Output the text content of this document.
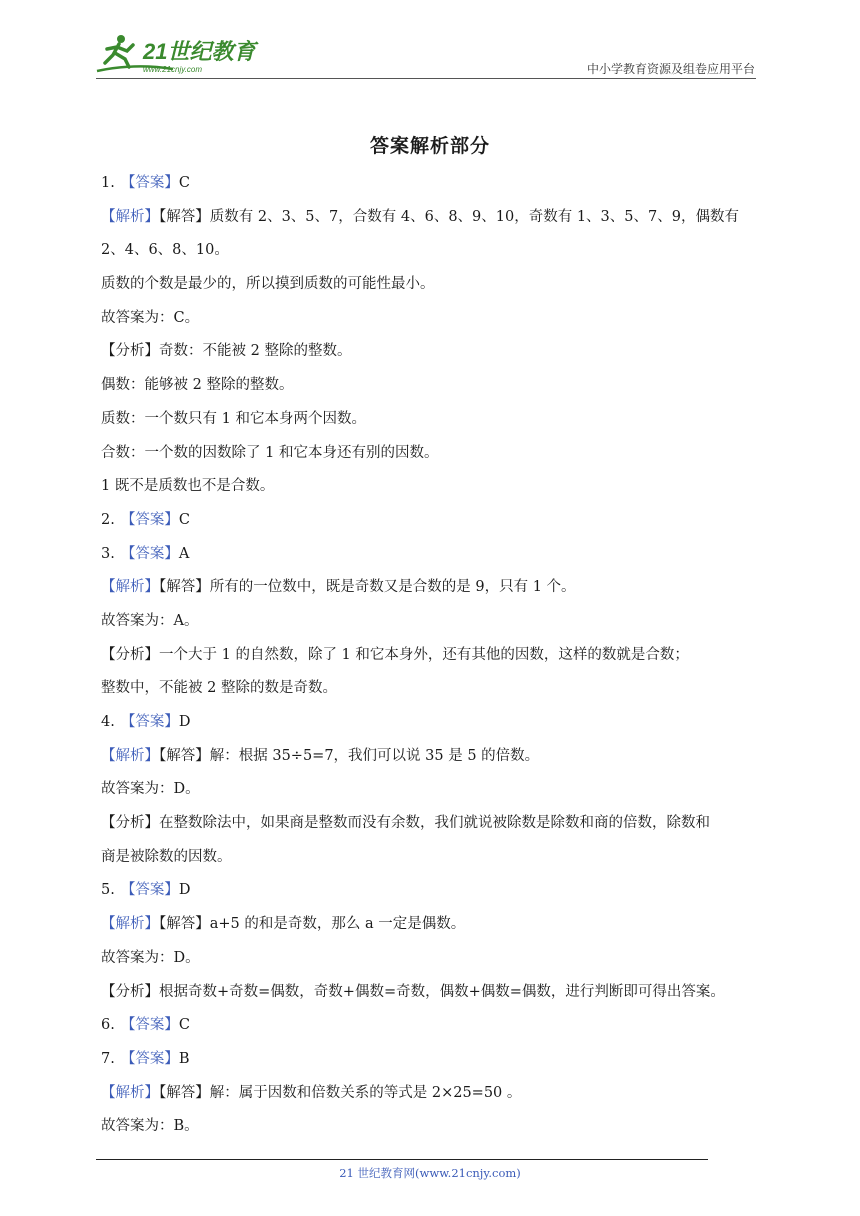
21世纪教育
www.21cnjy.com	中小学教育资源及组卷应用平台
答案解析部分
1. 【答案】C
【解析】【解答】质数有 2、3、5、7，合数有 4、6、8、9、10，奇数有 1、3、5、7、9，偶数有
2、4、6、8、10。
质数的个数是最少的，所以摸到质数的可能性最小。
故答案为：C。
【分析】奇数：不能被 2 整除的整数。
偶数：能够被 2 整除的整数。
质数：一个数只有 1 和它本身两个因数。
合数：一个数的因数除了 1 和它本身还有别的因数。
1 既不是质数也不是合数。
2. 【答案】C
3. 【答案】A
【解析】【解答】所有的一位数中，既是奇数又是合数的是 9，只有 1 个。
故答案为：A。
【分析】一个大于 1 的自然数，除了 1 和它本身外，还有其他的因数，这样的数就是合数；
整数中，不能被 2 整除的数是奇数。
4. 【答案】D
【解析】【解答】解：根据 35÷5=7，我们可以说 35 是 5 的倍数。
故答案为：D。
【分析】在整数除法中，如果商是整数而没有余数，我们就说被除数是除数和商的倍数，除数和
商是被除数的因数。
5. 【答案】D
【解析】【解答】a+5 的和是奇数，那么 a 一定是偶数。
故答案为：D。
【分析】根据奇数+奇数=偶数，奇数+偶数=奇数，偶数+偶数=偶数，进行判断即可得出答案。
6. 【答案】C
7. 【答案】B
【解析】【解答】解：属于因数和倍数关系的等式是 2×25=50 。
故答案为：B。
21 世纪教育网(www.21cnjy.com)
